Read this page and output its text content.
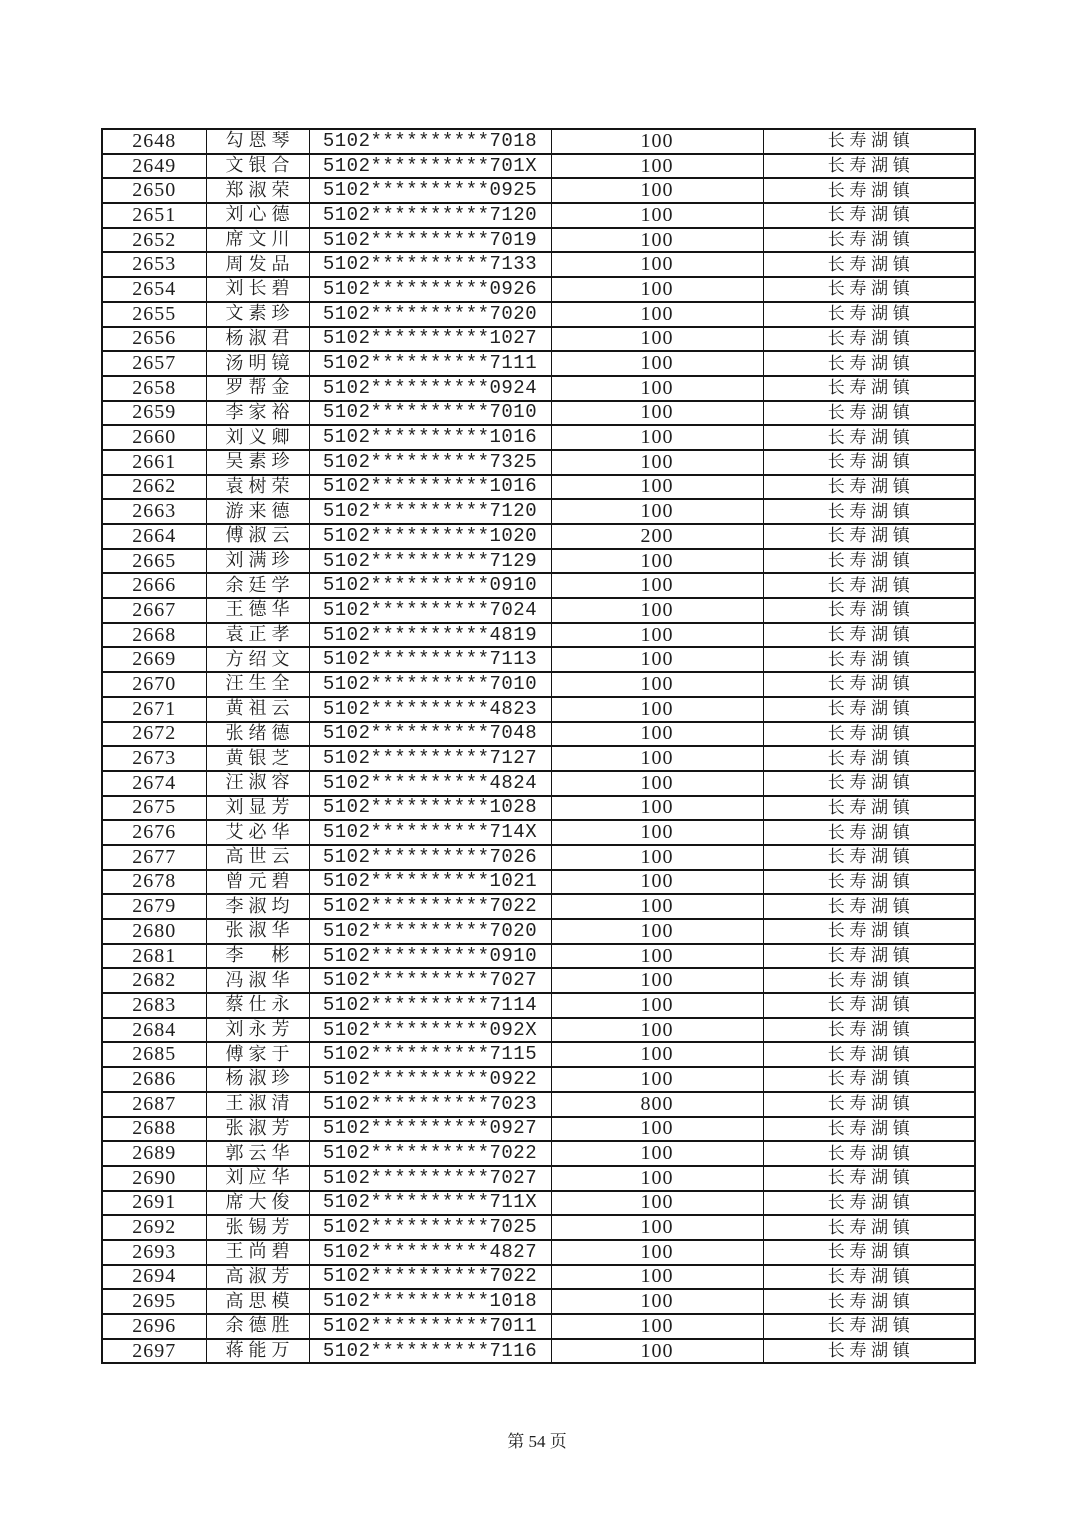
2648	勾恩琴	5102**********7018	100	长寿湖镇
2649	文银合	5102**********701X	100	长寿湖镇
2650	郑淑荣	5102**********0925	100	长寿湖镇
2651	刘心德	5102**********7120	100	长寿湖镇
2652	席文川	5102**********7019	100	长寿湖镇
2653	周发品	5102**********7133	100	长寿湖镇
2654	刘长碧	5102**********0926	100	长寿湖镇
2655	文素珍	5102**********7020	100	长寿湖镇
2656	杨淑君	5102**********1027	100	长寿湖镇
2657	汤明镜	5102**********7111	100	长寿湖镇
2658	罗帮金	5102**********0924	100	长寿湖镇
2659	李家裕	5102**********7010	100	长寿湖镇
2660	刘义卿	5102**********1016	100	长寿湖镇
2661	吴素珍	5102**********7325	100	长寿湖镇
2662	袁树荣	5102**********1016	100	长寿湖镇
2663	游来德	5102**********7120	100	长寿湖镇
2664	傅淑云	5102**********1020	200	长寿湖镇
2665	刘满珍	5102**********7129	100	长寿湖镇
2666	余廷学	5102**********0910	100	长寿湖镇
2667	王德华	5102**********7024	100	长寿湖镇
2668	袁正孝	5102**********4819	100	长寿湖镇
2669	方绍文	5102**********7113	100	长寿湖镇
2670	汪生全	5102**********7010	100	长寿湖镇
2671	黄祖云	5102**********4823	100	长寿湖镇
2672	张绪德	5102**********7048	100	长寿湖镇
2673	黄银芝	5102**********7127	100	长寿湖镇
2674	汪淑容	5102**********4824	100	长寿湖镇
2675	刘显芳	5102**********1028	100	长寿湖镇
2676	艾必华	5102**********714X	100	长寿湖镇
2677	高世云	5102**********7026	100	长寿湖镇
2678	曾元碧	5102**********1021	100	长寿湖镇
2679	李淑均	5102**********7022	100	长寿湖镇
2680	张淑华	5102**********7020	100	长寿湖镇
2681	李彬	5102**********0910	100	长寿湖镇
2682	冯淑华	5102**********7027	100	长寿湖镇
2683	蔡仕永	5102**********7114	100	长寿湖镇
2684	刘永芳	5102**********092X	100	长寿湖镇
2685	傅家于	5102**********7115	100	长寿湖镇
2686	杨淑珍	5102**********0922	100	长寿湖镇
2687	王淑清	5102**********7023	800	长寿湖镇
2688	张淑芳	5102**********0927	100	长寿湖镇
2689	郭云华	5102**********7022	100	长寿湖镇
2690	刘应华	5102**********7027	100	长寿湖镇
2691	席大俊	5102**********711X	100	长寿湖镇
2692	张锡芳	5102**********7025	100	长寿湖镇
2693	王尚碧	5102**********4827	100	长寿湖镇
2694	高淑芳	5102**********7022	100	长寿湖镇
2695	高思模	5102**********1018	100	长寿湖镇
2696	余德胜	5102**********7011	100	长寿湖镇
2697	蒋能万	5102**********7116	100	长寿湖镇
第 54 页
